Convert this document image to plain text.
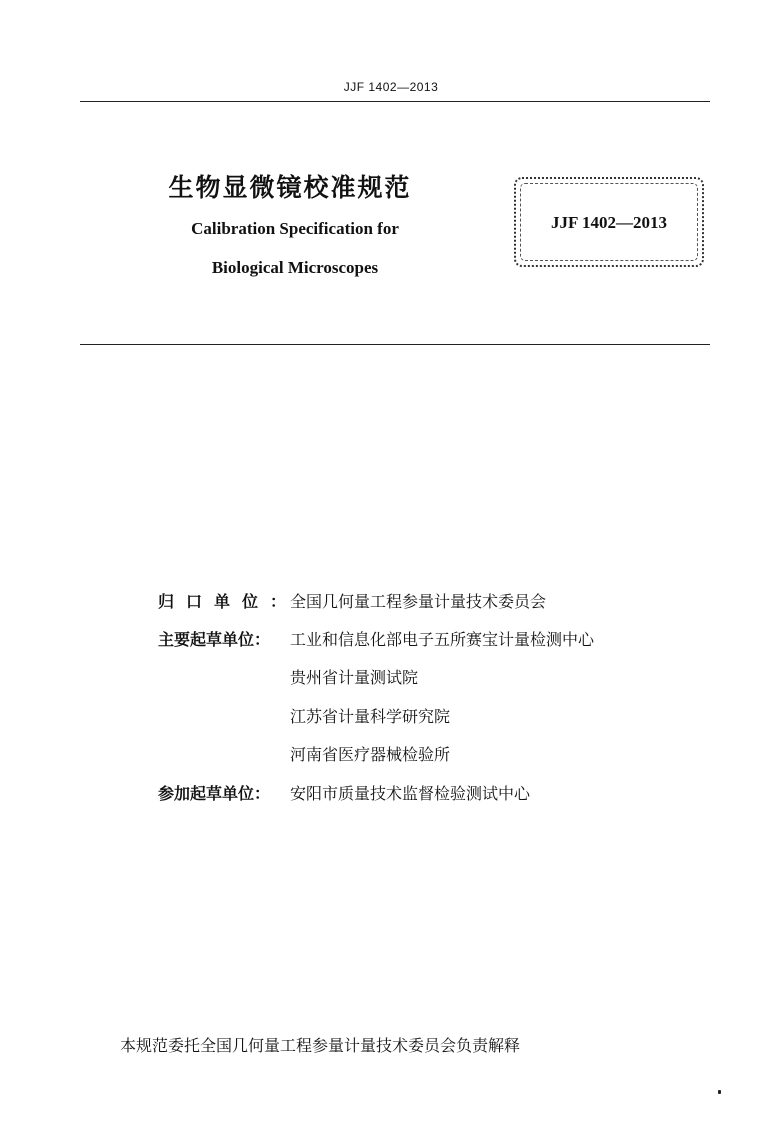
JJF 1402—2013
生物显微镜校准规范
Calibration Specification for
Biological Microscopes
JJF 1402—2013
归口单位：全国几何量工程参量计量技术委员会
主要起草单位： 工业和信息化部电子五所赛宝计量检测中心
贵州省计量测试院
江苏省计量科学研究院
河南省医疗器械检验所
参加起草单位： 安阳市质量技术监督检验测试中心
本规范委托全国几何量工程参量计量技术委员会负责解释
